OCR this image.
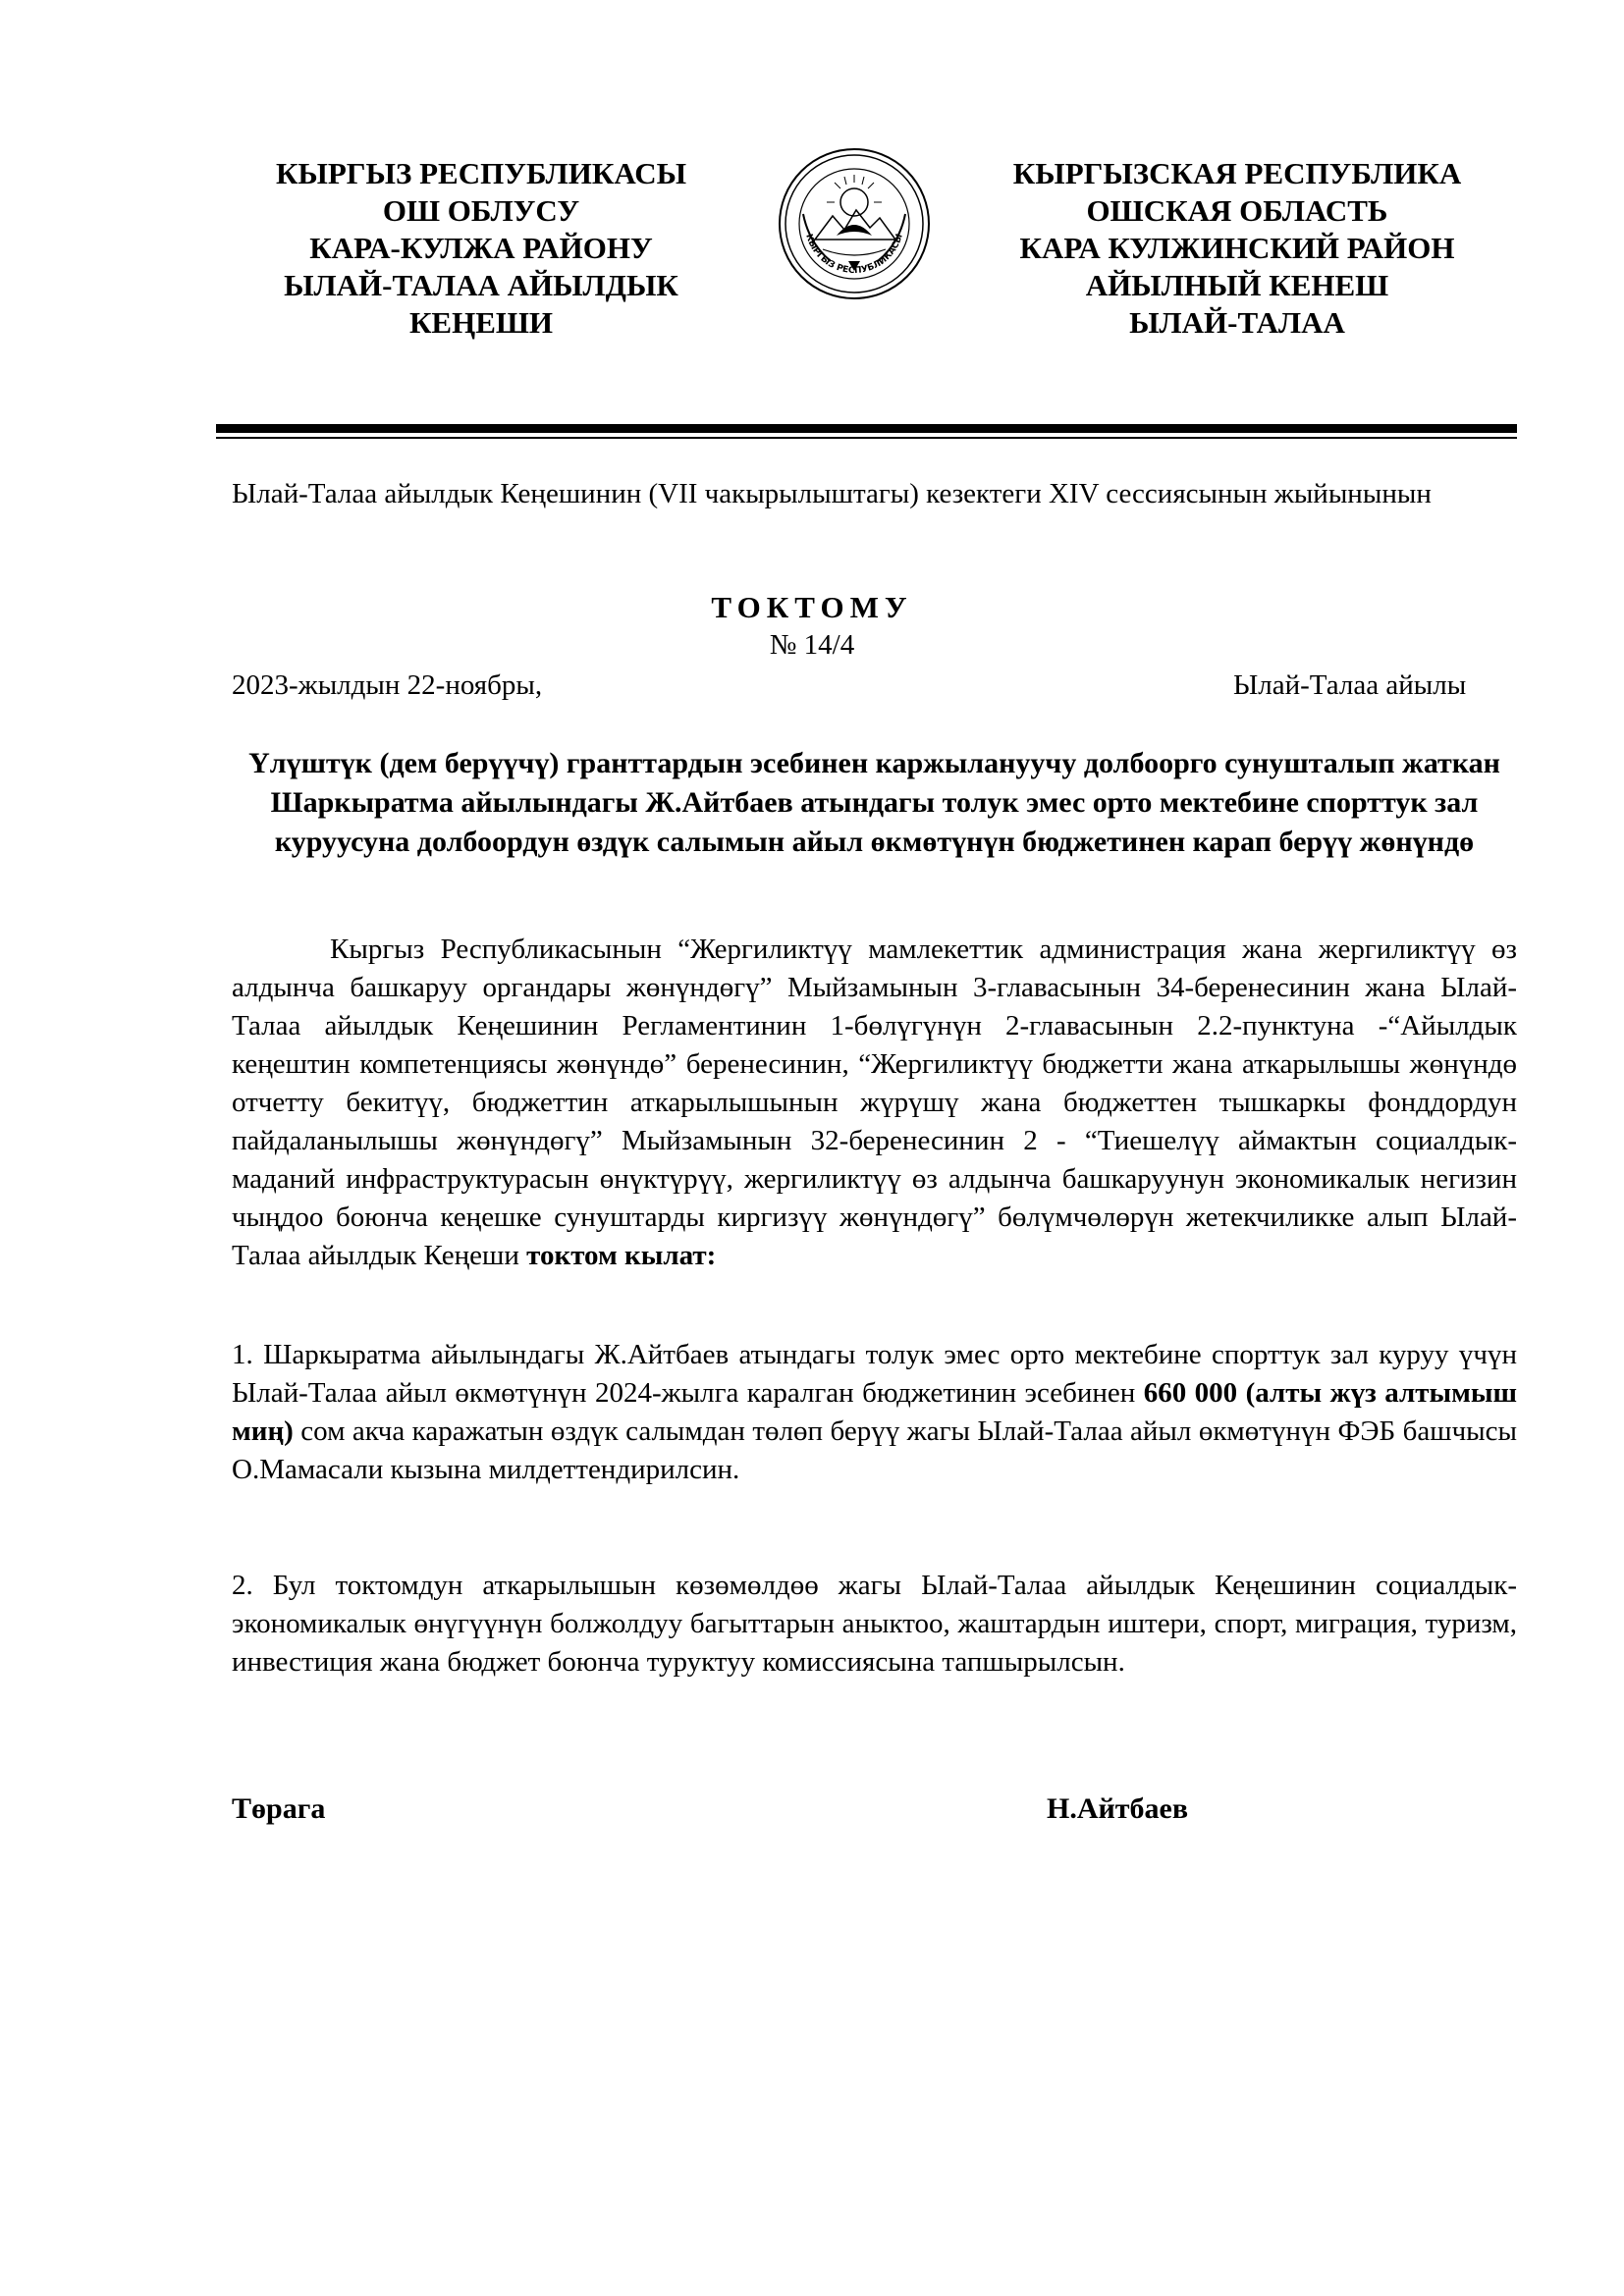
КЫРГЫЗ РЕСПУБЛИКАСЫ
ОШ ОБЛУСУ
КАРА-КУЛЖА РАЙОНУ
ЫЛАЙ-ТАЛАА АЙЫЛДЫК
КЕҢЕШИ
КЫРГЫЗ РЕСПУБЛИКАСЫ
КЫРГЫЗСКАЯ РЕСПУБЛИКА
ОШСКАЯ ОБЛАСТЬ
КАРА КУЛЖИНСКИЙ РАЙОН
АЙЫЛНЫЙ КЕНЕШ
ЫЛАЙ-ТАЛАА
Ылай-Талаа айылдык Кеңешинин (VII чакырылыштагы) кезектеги XIV сессиясынын жыйынынын
ТОКТОМУ
№ 14/4
2023-жылдын 22-ноябры,	Ылай-Талаа айылы
Үлүштүк (дем берүүчү) гранттардын эсебинен каржылануучу долбоорго сунушталып жаткан Шаркыратма айылындагы Ж.Айтбаев атындагы толук эмес орто мектебине спорттук зал куруусуна долбоордун өздүк салымын айыл өкмөтүнүн бюджетинен карап берүү жөнүндө
Кыргыз Республикасынын “Жергиликтүү мамлекеттик администрация жана жергиликтүү өз алдынча башкаруу органдары жөнүндөгү” Мыйзамынын 3-главасынын 34-беренесинин жана Ылай-Талаа айылдык Кеңешинин Регламентинин 1-бөлүгүнүн 2-главасынын 2.2-пунктуна -“Айылдык кеңештин компетенциясы жөнүндө” беренесинин, “Жергиликтүү бюджетти жана аткарылышы жөнүндө отчетту бекитүү, бюджеттин аткарылышынын жүрүшү жана бюджеттен тышкаркы фонддордун пайдаланылышы жөнүндөгү” Мыйзамынын 32-беренесинин 2 - “Тиешелүү аймактын социалдык-маданий инфраструктурасын өнүктүрүү, жергиликтүү өз алдынча башкаруунун экономикалык негизин чыңдоо боюнча кеңешке сунуштарды киргизүү жөнүндөгү” бөлүмчөлөрүн жетекчиликке алып Ылай-Талаа айылдык Кеңеши токтом кылат:
1. Шаркыратма айылындагы Ж.Айтбаев атындагы толук эмес орто мектебине спорттук зал куруу үчүн Ылай-Талаа айыл өкмөтүнүн 2024-жылга каралган бюджетинин эсебинен 660 000 (алты жүз алтымыш миң) сом акча каражатын өздүк салымдан төлөп берүү жагы Ылай-Талаа айыл өкмөтүнүн ФЭБ башчысы О.Мамасали кызына милдеттендирилсин.
2. Бул токтомдун аткарылышын көзөмөлдөө жагы Ылай-Талаа айылдык Кеңешинин социалдык-экономикалык өнүгүүнүн болжолдуу багыттарын аныктоо, жаштардын иштери, спорт, миграция, туризм, инвестиция жана бюджет боюнча туруктуу комиссиясына тапшырылсын.
Төрага	Н.Айтбаев
